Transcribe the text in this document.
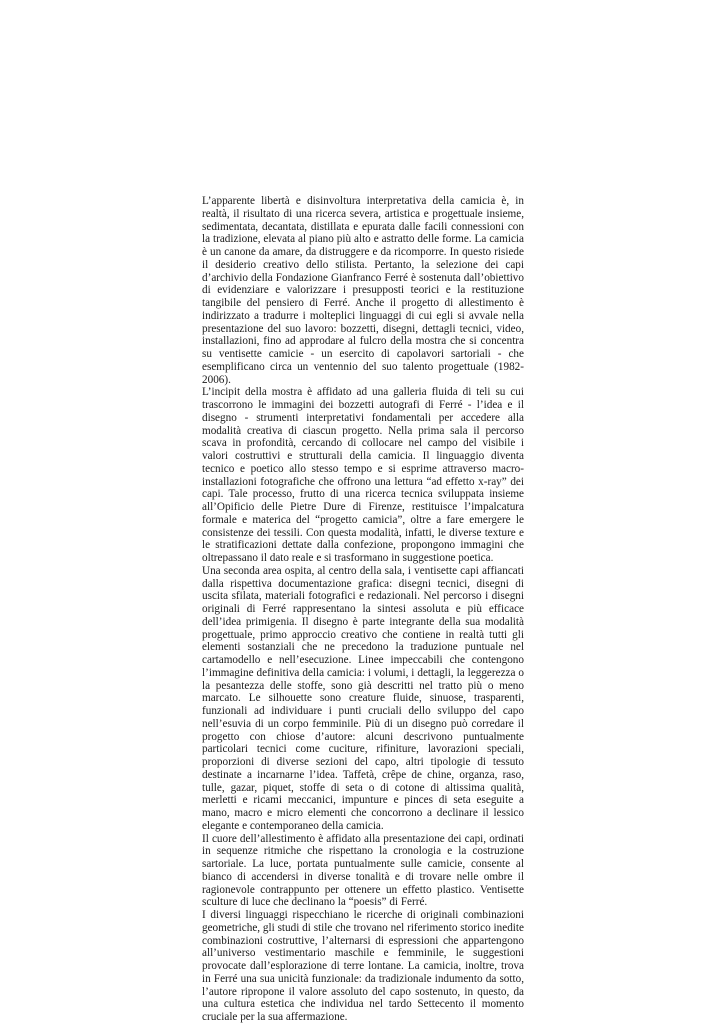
L’apparente libertà e disinvoltura interpretativa della camicia è, in realtà, il risultato di una ricerca severa, artistica e progettuale insieme, sedimentata, decantata, distillata e epurata dalle facili connessioni con la tradizione, elevata al piano più alto e astratto delle forme. La camicia è un canone da amare, da distruggere e da ricomporre. In questo risiede il desiderio creativo dello stilista. Pertanto, la selezione dei capi d’archivio della Fondazione Gianfranco Ferré è sostenuta dall’obiettivo di evidenziare e valorizzare i presupposti teorici e la restituzione tangibile del pensiero di Ferré. Anche il progetto di allestimento è indirizzato a tradurre i molteplici linguaggi di cui egli si avvale nella presentazione del suo lavoro: bozzetti, disegni, dettagli tecnici, video, installazioni, fino ad approdare al fulcro della mostra che si concentra su ventisette camicie - un esercito di capolavori sartoriali - che esemplificano circa un ventennio del suo talento progettuale (1982-2006).

L’incipit della mostra è affidato ad una galleria fluida di teli su cui trascorrono le immagini dei bozzetti autografi di Ferré - l’idea e il disegno - strumenti interpretativi fondamentali per accedere alla modalità creativa di ciascun progetto. Nella prima sala il percorso scava in profondità, cercando di collocare nel campo del visibile i valori costruttivi e strutturali della camicia. Il linguaggio diventa tecnico e poetico allo stesso tempo e si esprime attraverso macro-installazioni fotografiche che offrono una lettura “ad effetto x-ray” dei capi. Tale processo, frutto di una ricerca tecnica sviluppata insieme all’Opificio delle Pietre Dure di Firenze, restituisce l’impalcatura formale e materica del “progetto camicia”, oltre a fare emergere le consistenze dei tessili. Con questa modalità, infatti, le diverse texture e le stratificazioni dettate dalla confezione, propongono immagini che oltrepassano il dato reale e si trasformano in suggestione poetica.

Una seconda area ospita, al centro della sala, i ventisette capi affiancati dalla rispettiva documentazione grafica: disegni tecnici, disegni di uscita sfilata, materiali fotografici e redazionali. Nel percorso i disegni originali di Ferré rappresentano la sintesi assoluta e più efficace dell’idea primigenia. Il disegno è parte integrante della sua modalità progettuale, primo approccio creativo che contiene in realtà tutti gli elementi sostanziali che ne precedono la traduzione puntuale nel cartamodello e nell’esecuzione. Linee impeccabili che contengono l’immagine definitiva della camicia: i volumi, i dettagli, la leggerezza o la pesantezza delle stoffe, sono già descritti nel tratto più o meno marcato. Le silhouette sono creature fluide, sinuose, trasparenti, funzionali ad individuare i punti cruciali dello sviluppo del capo nell’esuvia di un corpo femminile. Più di un disegno può corredare il progetto con chiose d’autore: alcuni descrivono puntualmente particolari tecnici come cuciture, rifiniture, lavorazioni speciali, proporzioni di diverse sezioni del capo, altri tipologie di tessuto destinate a incarnarne l’idea. Taffetà, crêpe de chine, organza, raso, tulle, gazar, piquet, stoffe di seta o di cotone di altissima qualità, merletti e ricami meccanici, impunture e pinces di seta eseguite a mano, macro e micro elementi che concorrono a declinare il lessico elegante e contemporaneo della camicia.

Il cuore dell’allestimento è affidato alla presentazione dei capi, ordinati in sequenze ritmiche che rispettano la cronologia e la costruzione sartoriale. La luce, portata puntualmente sulle camicie, consente al bianco di accendersi in diverse tonalità e di trovare nelle ombre il ragionevole contrappunto per ottenere un effetto plastico. Ventisette sculture di luce che declinano la “poesis” di Ferré.

I diversi linguaggi rispecchiano le ricerche di originali combinazioni geometriche, gli studi di stile che trovano nel riferimento storico inedite combinazioni costruttive, l’alternarsi di espressioni che appartengono all’universo vestimentario maschile e femminile, le suggestioni provocate dall’esplorazione di terre lontane. La camicia, inoltre, trova in Ferré una sua unicità funzionale: da tradizionale indumento da sotto, l’autore ripropone il valore assoluto del capo sostenuto, in questo, da una cultura estetica che individua nel tardo Settecento il momento cruciale per la sua affermazione.
